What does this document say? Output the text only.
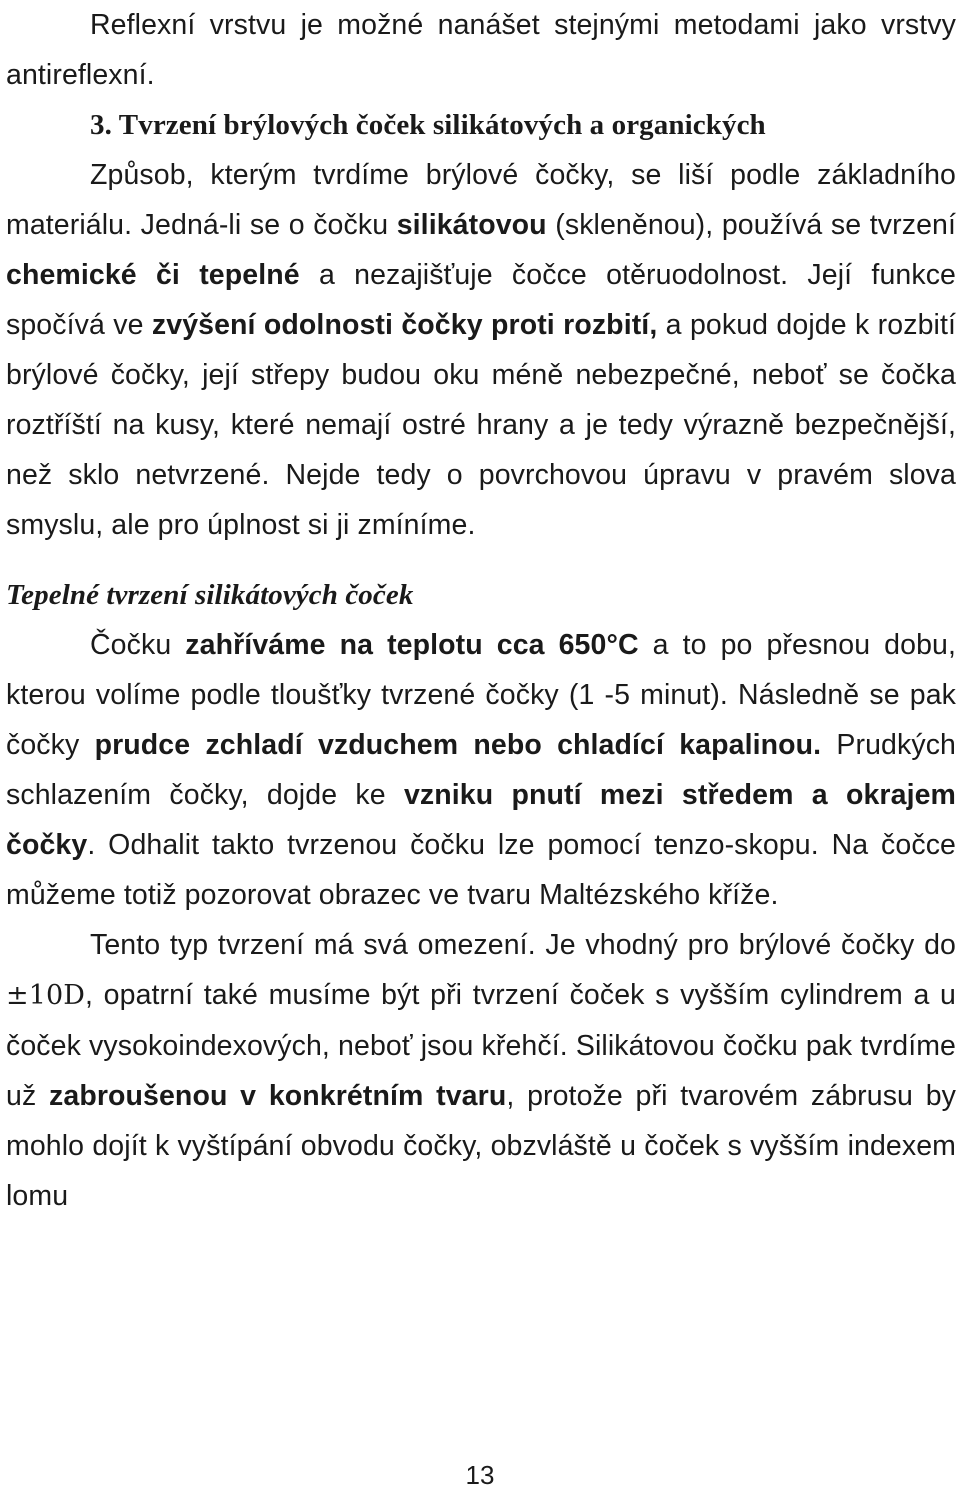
Reflexní vrstvu je možné nanášet stejnými metodami jako vrstvy antireflexní.

3. Tvrzení brýlových čoček silikátových a organických

Způsob, kterým tvrdíme brýlové čočky, se liší podle základního materiálu. Jedná-li se o čočku silikátovou (skleněnou), používá se tvrzení chemické či tepelné a nezajišťuje čočce otěruodolnost. Její funkce spočívá ve zvýšení odolnosti čočky proti rozbití, a pokud dojde k rozbití brýlové čočky, její střepy budou oku méně nebezpečné, neboť se čočka roztříští na kusy, které nemají ostré hrany a je tedy výrazně bezpečnější, než sklo netvrzené. Nejde tedy o povrchovou úpravu v pravém slova smyslu, ale pro úplnost si ji zmíníme.

Tepelné tvrzení silikátových čoček

Čočku zahříváme na teplotu cca 650°C a to po přesnou dobu, kterou volíme podle tloušťky tvrzené čočky (1 -5 minut). Následně se pak čočky prudce zchladí vzduchem nebo chladící kapalinou. Prudkých schlazením čočky, dojde ke vzniku pnutí mezi středem a okrajem čočky. Odhalit takto tvrzenou čočku lze pomocí tenzo-skopu. Na čočce můžeme totiž pozorovat obrazec ve tvaru Maltézského kříže.

Tento typ tvrzení má svá omezení. Je vhodný pro brýlové čočky do ±10D, opatrní také musíme být při tvrzení čoček s vyšším cylindrem a u čoček vysokoindexových, neboť jsou křehčí. Silikátovou čočku pak tvrdíme už zabroušenou v konkrétním tvaru, protože při tvarovém zábrusu by mohlo dojít k vyštípání obvodu čočky, obzvláště u čoček s vyšším indexem lomu

13
